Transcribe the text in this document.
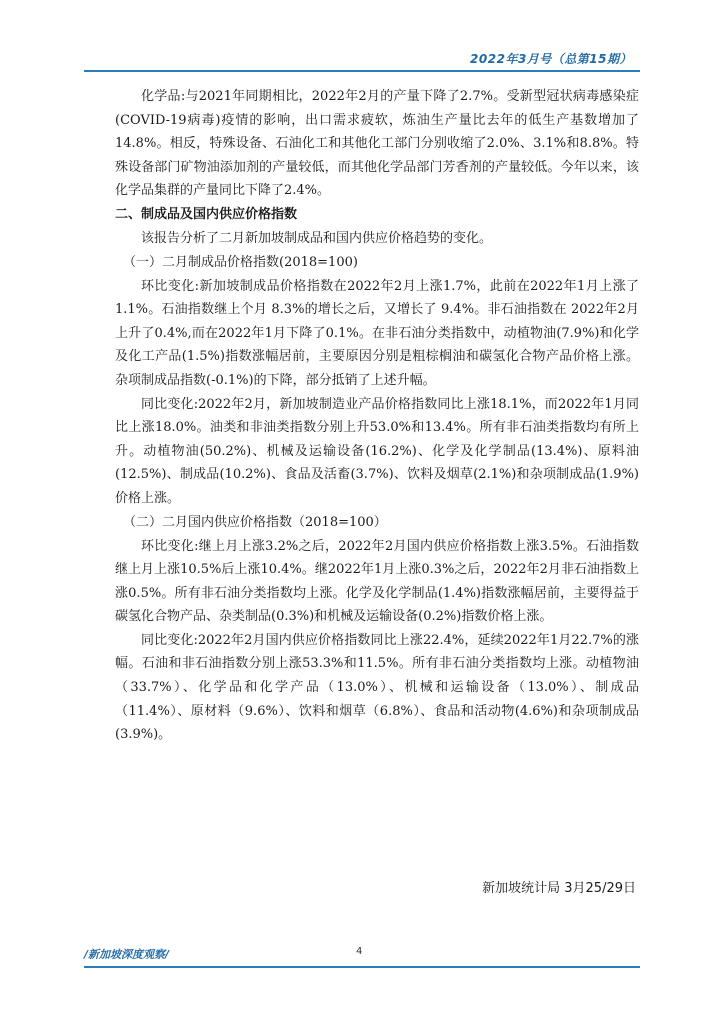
2022年3月号（总第15期）

化学品:与2021年同期相比，2022年2月的产量下降了2.7%。受新型冠状病毒感染症(COVID-19病毒)疫情的影响，出口需求疲软，炼油生产量比去年的低生产基数增加了14.8%。相反，特殊设备、石油化工和其他化工部门分别收缩了2.0%、3.1%和8.8%。特殊设备部门矿物油添加剂的产量较低，而其他化学品部门芳香剂的产量较低。今年以来，该化学品集群的产量同比下降了2.4%。

二、制成品及国内供应价格指数

该报告分析了二月新加坡制成品和国内供应价格趋势的变化。

（一）二月制成品价格指数(2018=100)

环比变化:新加坡制成品价格指数在2022年2月上涨1.7%，此前在2022年1月上涨了 1.1%。石油指数继上个月 8.3%的增长之后，又增长了 9.4%。非石油指数在 2022年2月上升了0.4%,而在2022年1月下降了0.1%。在非石油分类指数中，动植物油(7.9%)和化学及化工产品(1.5%)指数涨幅居前，主要原因分别是粗棕榈油和碳氢化合物产品价格上涨。杂项制成品指数(-0.1%)的下降，部分抵销了上述升幅。

同比变化:2022年2月，新加坡制造业产品价格指数同比上涨18.1%，而2022年1月同比上涨18.0%。油类和非油类指数分别上升53.0%和13.4%。所有非石油类指数均有所上升。动植物油(50.2%)、机械及运输设备(16.2%)、化学及化学制品(13.4%)、原料油(12.5%)、制成品(10.2%)、食品及活畜(3.7%)、饮料及烟草(2.1%)和杂项制成品(1.9%)价格上涨。

（二）二月国内供应价格指数（2018=100）

环比变化:继上月上涨3.2%之后，2022年2月国内供应价格指数上涨3.5%。石油指数继上月上涨10.5%后上涨10.4%。继2022年1月上涨0.3%之后，2022年2月非石油指数上涨0.5%。所有非石油分类指数均上涨。化学及化学制品(1.4%)指数涨幅居前，主要得益于碳氢化合物产品、杂类制品(0.3%)和机械及运输设备(0.2%)指数价格上涨。

同比变化:2022年2月国内供应价格指数同比上涨22.4%，延续2022年1月22.7%的涨幅。石油和非石油指数分别上涨53.3%和11.5%。所有非石油分类指数均上涨。动植物油（33.7%）、化学品和化学产品（13.0%）、机械和运输设备（13.0%）、制成品（11.4%）、原材料（9.6%）、饮料和烟草（6.8%）、食品和活动物(4.6%)和杂项制成品(3.9%)。

新加坡统计局 3月25/29日
/新加坡深度观察/	4
